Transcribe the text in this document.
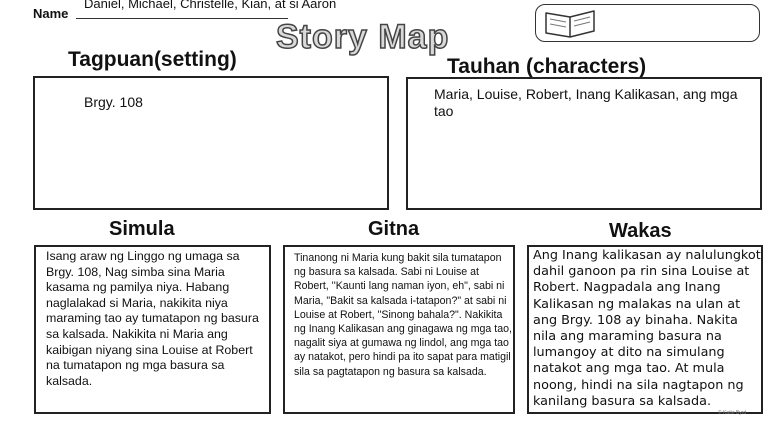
Name
Daniel, Michael, Christelle, Kian, at si Aaron
Story Map
Tagpuan(setting)
Brgy. 108
Tauhan (characters)
Maria, Louise, Robert, Inang Kalikasan, ang mga tao
Simula
Isang araw ng Linggo ng umaga sa Brgy. 108, Nag simba sina Maria kasama ng pamilya niya. Habang naglalakad si Maria, nakikita niya maraming tao ay tumatapon ng basura sa kalsada. Nakikita ni Maria ang kaibigan niyang sina Louise at Robert na tumatapon ng mga basura sa kalsada.
Gitna
Tinanong ni Maria kung bakit sila tumatapon ng basura sa kalsada. Sabi ni Louise at Robert, ''Kaunti lang naman iyon, eh", sabi ni Maria, "Bakit sa kalsada i-tatapon?" at sabi ni Louise at Robert, "Sinong bahala?". Nakikita ng Inang Kalikasan ang ginagawa ng mga tao, nagalit siya at gumawa ng lindol, ang mga tao ay natakot, pero hindi pa ito sapat para matigil sila sa pagtatapon ng basura sa kalsada.
Wakas
Ang Inang kalikasan ay nalulungkot dahil ganoon pa rin sina Louise at Robert. Nagpadala ang Inang Kalikasan ng malakas na ulan at ang Brgy. 108 ay binaha. Nakita nila ang maraming basura na lumangoy at dito na simulang natakot ang mga tao. At mula noong, hindi na sila nagtapon ng kanilang basura sa kalsada.
© Katie Byrd
